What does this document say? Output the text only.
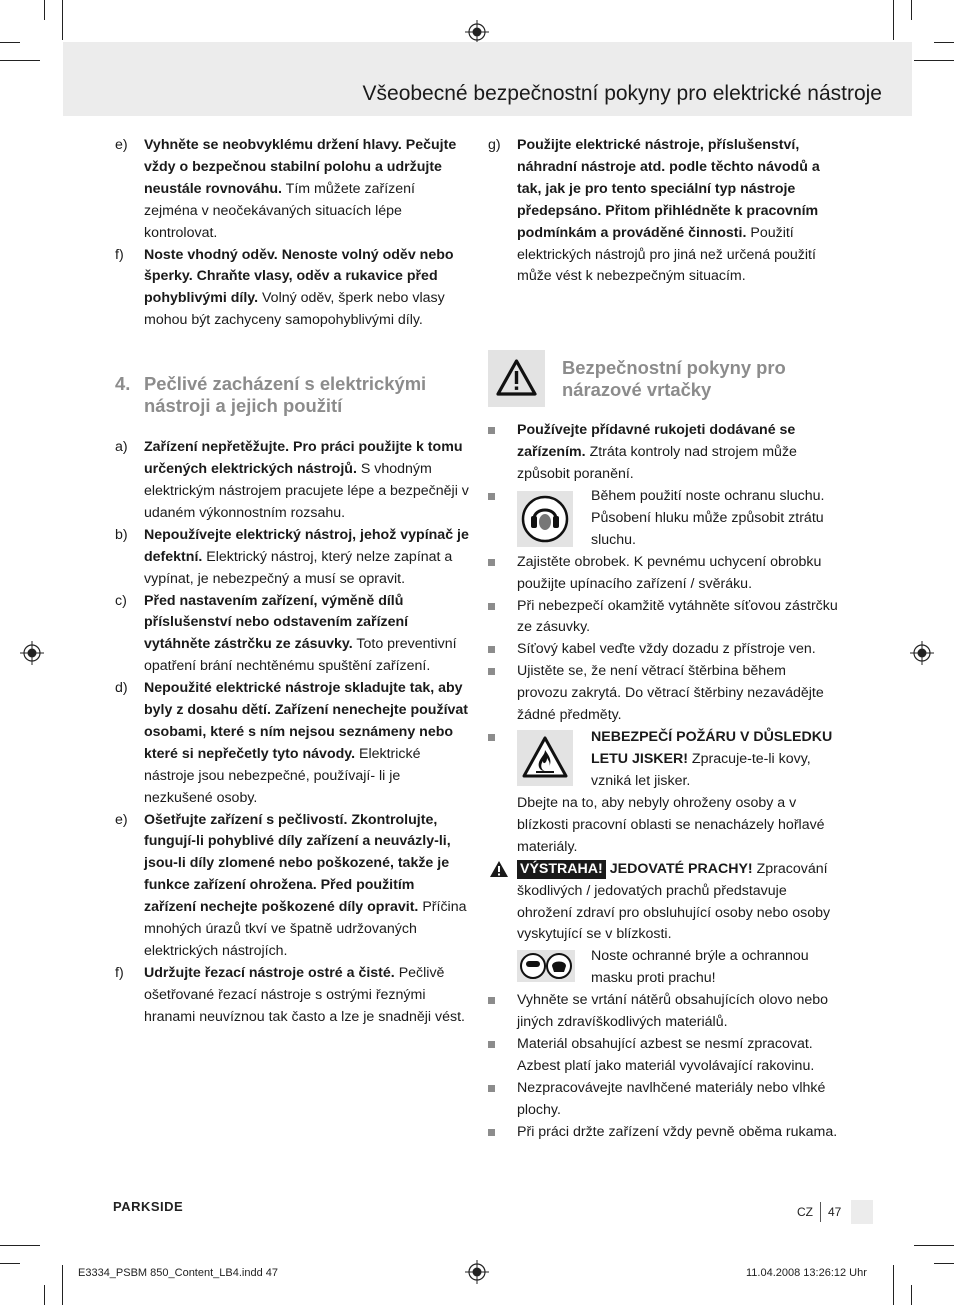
Všeobecné bezpečnostní pokyny pro elektrické nástroje
e) Vyhněte se neobvyklému držení hlavy. Pečujte vždy o bezpečnou stabilní polohu a udržujte neustále rovnováhu. Tím můžete zařízení zejména v neočekávaných situacích lépe kontrolovat.
f) Noste vhodný oděv. Nenoste volný oděv nebo šperky. Chraňte vlasy, oděv a rukavice před pohyblivými díly. Volný oděv, šperk nebo vlasy mohou být zachyceny samopohyblivými díly.
4. Pečlivé zacházení s elektrickými nástroji a jejich použití
a) Zařízení nepřetěžujte. Pro práci použijte k tomu určených elektrických nástrojů. S vhodným elektrickým nástrojem pracujete lépe a bezpečněji v udaném výkonnostním rozsahu.
b) Nepoužívejte elektrický nástroj, jehož vypínač je defektní. Elektrický nástroj, který nelze zapínat a vypínat, je nebezpečný a musí se opravit.
c) Před nastavením zařízení, výměně dílů příslušenství nebo odstavením zařízení vytáhněte zástrčku ze zásuvky. Toto preventivní opatření brání nechtěnému spuštění zařízení.
d) Nepoužité elektrické nástroje skladujte tak, aby byly z dosahu dětí. Zařízení nenechejte používat osobami, které s ním nejsou seznámeny nebo které si nepřečetly tyto návody. Elektrické nástroje jsou nebezpečné, používají- li je nezkušené osoby.
e) Ošetřujte zařízení s pečlivostí. Zkontrolujte, fungují-li pohyblivé díly zařízení a neuvázly-li, jsou-li díly zlomené nebo poškozené, takže je funkce zařízení ohrožena. Před použitím zařízení nechejte poškozené díly opravit. Příčina mnohých úrazů tkví ve špatně udržovaných elektrických nástrojích.
f) Udržujte řezací nástroje ostré a čisté. Pečlivě ošetřované řezací nástroje s ostrými řeznými hranami neuvíznou tak často a lze je snadněji vést.
g) Použijte elektrické nástroje, příslušenství, náhradní nástroje atd. podle těchto návodů a tak, jak je pro tento speciální typ nástroje předepsáno. Přitom přihlédněte k pracovním podmínkám a prováděné činnosti. Použití elektrických nástrojů pro jiná než určená použití může vést k nebezpečným situacím.
Bezpečnostní pokyny pro nárazové vrtačky
Používejte přídavné rukojeti dodávané se zařízením. Ztráta kontroly nad strojem může způsobit poranění.
Během použití noste ochranu sluchu. Působení hluku může způsobit ztrátu sluchu.
Zajistěte obrobek. K pevnému uchycení obrobku použijte upínacího zařízení / svěráku.
Při nebezpečí okamžitě vytáhněte síťovou zástrčku ze zásuvky.
Síťový kabel veďte vždy dozadu z přístroje ven.
Ujistěte se, že není větrací štěrbina během provozu zakrytá. Do větrací štěrbiny nezavádějte žádné předměty.
NEBEZPEČÍ POŽÁRU V DŮSLEDKU LETU JISKER! Zpracuje-te-li kovy, vzniká let jisker.
Dbejte na to, aby nebyly ohroženy osoby a v blízkosti pracovní oblasti se nenacházely hořlavé materiály.
VÝSTRAHA! JEDOVATÉ PRACHY! Zpracování škodlivých / jedovatých prachů představuje ohrožení zdraví pro obsluhující osoby nebo osoby vyskytující se v blízkosti.
Noste ochranné brýle a ochrannou masku proti prachu!
Vyhněte se vrtání nátěrů obsahujících olovo nebo jiných zdravíškodlivých materiálů.
Materiál obsahující azbest se nesmí zpracovat. Azbest platí jako materiál vyvolávající rakovinu.
Nezpracovávejte navlhčené materiály nebo vlhké plochy.
Při práci držte zařízení vždy pevně oběma rukama.
PARKSIDE	CZ 47
E3334_PSBM 850_Content_LB4.indd 47	11.04.2008 13:26:12 Uhr
